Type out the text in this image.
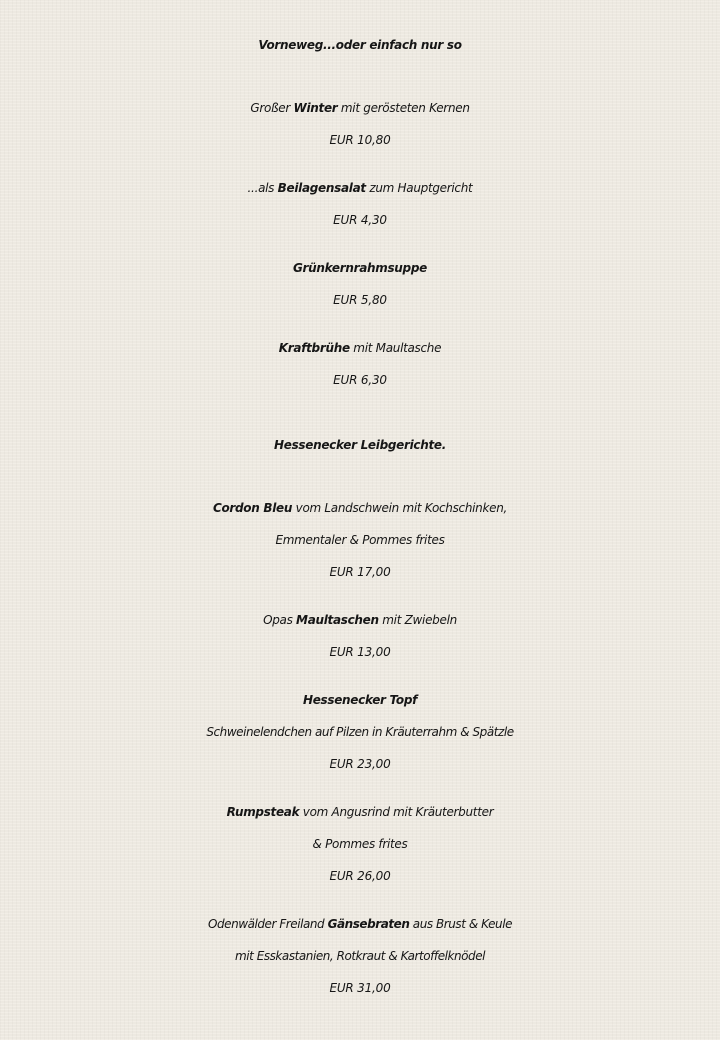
Vorneweg...oder einfach nur so
Großer Winter mit gerösteten Kernen
EUR 10,80
...als Beilagensalat zum Hauptgericht
EUR 4,30
Grünkernrahmsuppe
EUR 5,80
Kraftbrühe mit Maultasche
EUR 6,30
Hessenecker Leibgerichte.
Cordon Bleu vom Landschwein mit Kochschinken,
Emmentaler & Pommes frites
EUR 17,00
Opas Maultaschen mit Zwiebeln
EUR 13,00
Hessenecker Topf
Schweinelendchen auf Pilzen in Kräuterrahm & Spätzle
EUR 23,00
Rumpsteak vom Angusrind mit Kräuterbutter
& Pommes frites
EUR 26,00
Odenwälder Freiland Gänsebraten aus Brust & Keule
mit Esskastanien, Rotkraut & Kartoffelknödel
EUR 31,00
